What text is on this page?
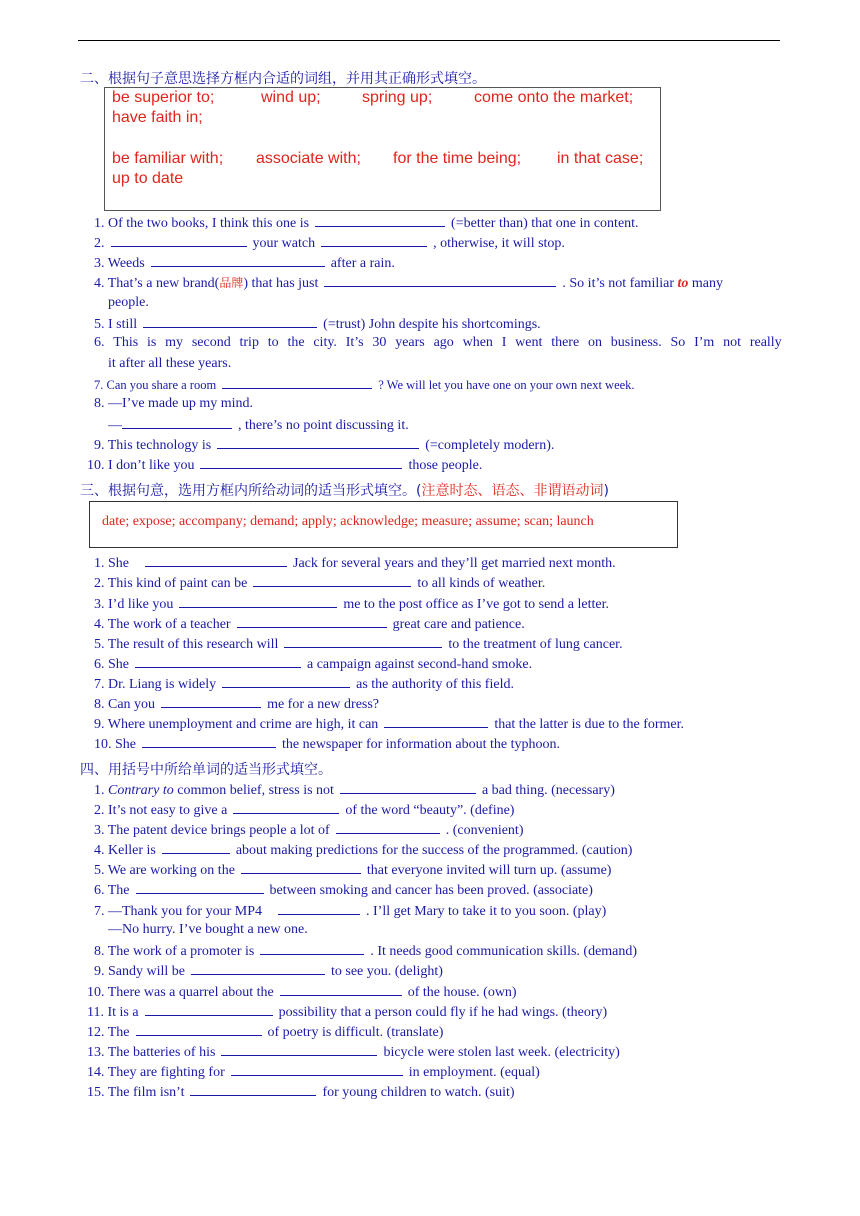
二、根据句子意思选择方框内合适的词组，并用其正确形式填空。
be superior to;	wind up;	spring up;	come onto the market;
have faith in;
be familiar with; associate with; for the time being; in that case;
up to date
1. Of the two books, I think this one is	(=better than) that one in content.
2.	your watch	, otherwise, it will stop.
3. Weeds	after a rain.
4. That’s a new brand(品牌) that has just	. So it’s not familiar to many
people.
5. I still	(=trust) John despite his shortcomings.
6. This is my second trip to the city. It’s 30 years ago when I went there on business. So I’m not really
it after all these years.
7. Can you share a room	? We will let you have one on your own next week.
8. —I’ve made up my mind.
—	, there’s no point discussing it.
9. This technology is	(=completely modern).
10. I don’t like you	those people.
三、根据句意，选用方框内所给动词的适当形式填空。(注意时态、语态、非谓语动词)
date; expose; accompany; demand; apply; acknowledge; measure; assume; scan; launch
1. She	Jack for several years and they’ll get married next month.
2. This kind of paint can be	to all kinds of weather.
3. I’d like you	me to the post office as I’ve got to send a letter.
4. The work of a teacher	great care and patience.
5. The result of this research will	to the treatment of lung cancer.
6. She	a campaign against second-hand smoke.
7. Dr. Liang is widely	as the authority of this field.
8. Can you	me for a new dress?
9. Where unemployment and crime are high, it can	that the latter is due to the former.
10. She	the newspaper for information about the typhoon.
四、用括号中所给单词的适当形式填空。
1. Contrary to common belief, stress is not	a bad thing. (necessary)
2. It’s not easy to give a	of the word “beauty”. (define)
3. The patent device brings people a lot of	. (convenient)
4. Keller is	about making predictions for the success of the programmed. (caution)
5. We are working on the	that everyone invited will turn up. (assume)
6. The	between smoking and cancer has been proved. (associate)
7. —Thank you for your MP4	. I’ll get Mary to take it to you soon. (play)
—No hurry. I’ve bought a new one.
8. The work of a promoter is	. It needs good communication skills. (demand)
9. Sandy will be	to see you. (delight)
10. There was a quarrel about the	of the house. (own)
11. It is a	possibility that a person could fly if he had wings. (theory)
12. The	of poetry is difficult. (translate)
13. The batteries of his	bicycle were stolen last week. (electricity)
14. They are fighting for	in employment. (equal)
15. The film isn’t	for young children to watch. (suit)
